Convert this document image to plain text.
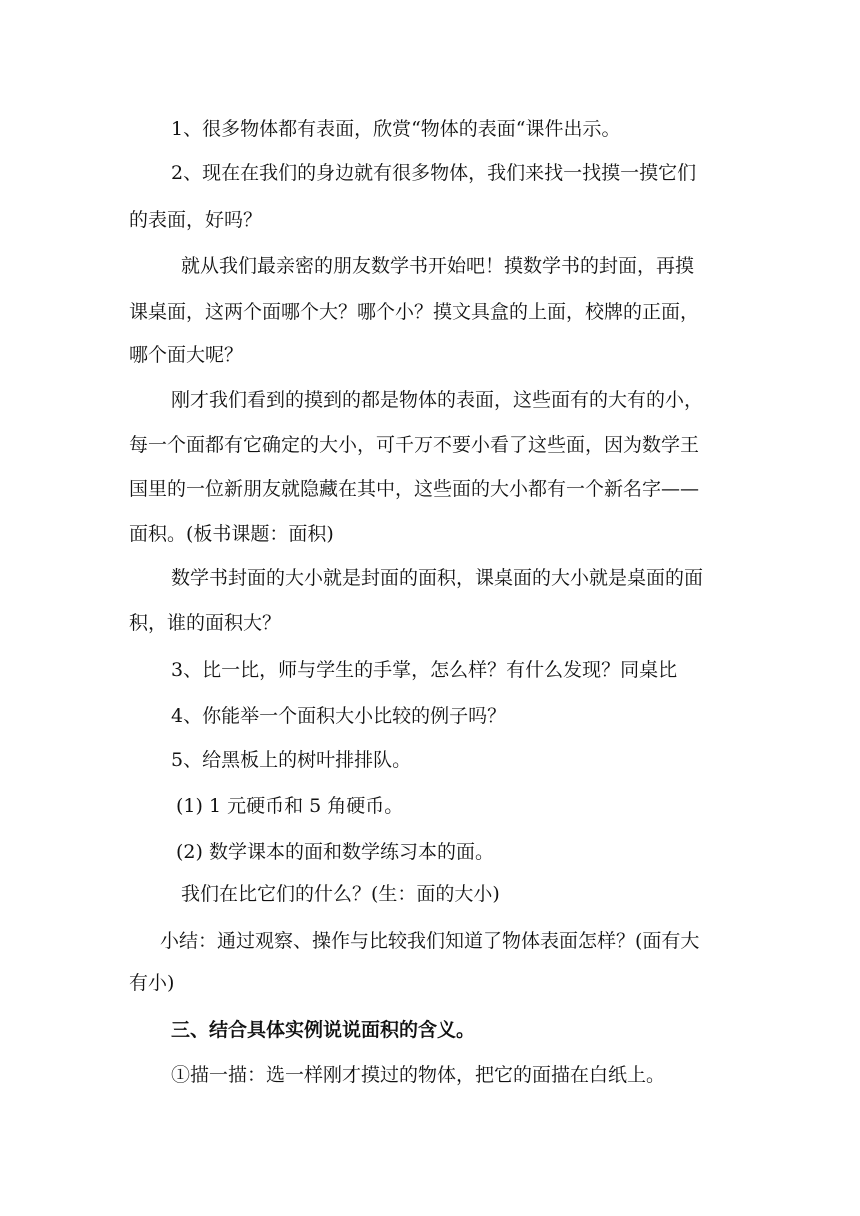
1、很多物体都有表面，欣赏“物体的表面“课件出示。
2、现在在我们的身边就有很多物体，我们来找一找摸一摸它们
的表面，好吗？
就从我们最亲密的朋友数学书开始吧！摸数学书的封面，再摸
课桌面，这两个面哪个大？哪个小？摸文具盒的上面，校牌的正面，
哪个面大呢？
刚才我们看到的摸到的都是物体的表面，这些面有的大有的小，
每一个面都有它确定的大小，可千万不要小看了这些面，因为数学王
国里的一位新朋友就隐藏在其中，这些面的大小都有一个新名字——
面积。(板书课题：面积)
数学书封面的大小就是封面的面积，课桌面的大小就是桌面的面
积，谁的面积大？
3、比一比，师与学生的手掌，怎么样？有什么发现？同桌比
4、你能举一个面积大小比较的例子吗？
5、给黑板上的树叶排排队。
(1) 1 元硬币和 5 角硬币。
(2) 数学课本的面和数学练习本的面。
我们在比它们的什么？(生：面的大小)
小结：通过观察、操作与比较我们知道了物体表面怎样？(面有大
有小)
三、结合具体实例说说面积的含义。
①描一描：选一样刚才摸过的物体，把它的面描在白纸上。
